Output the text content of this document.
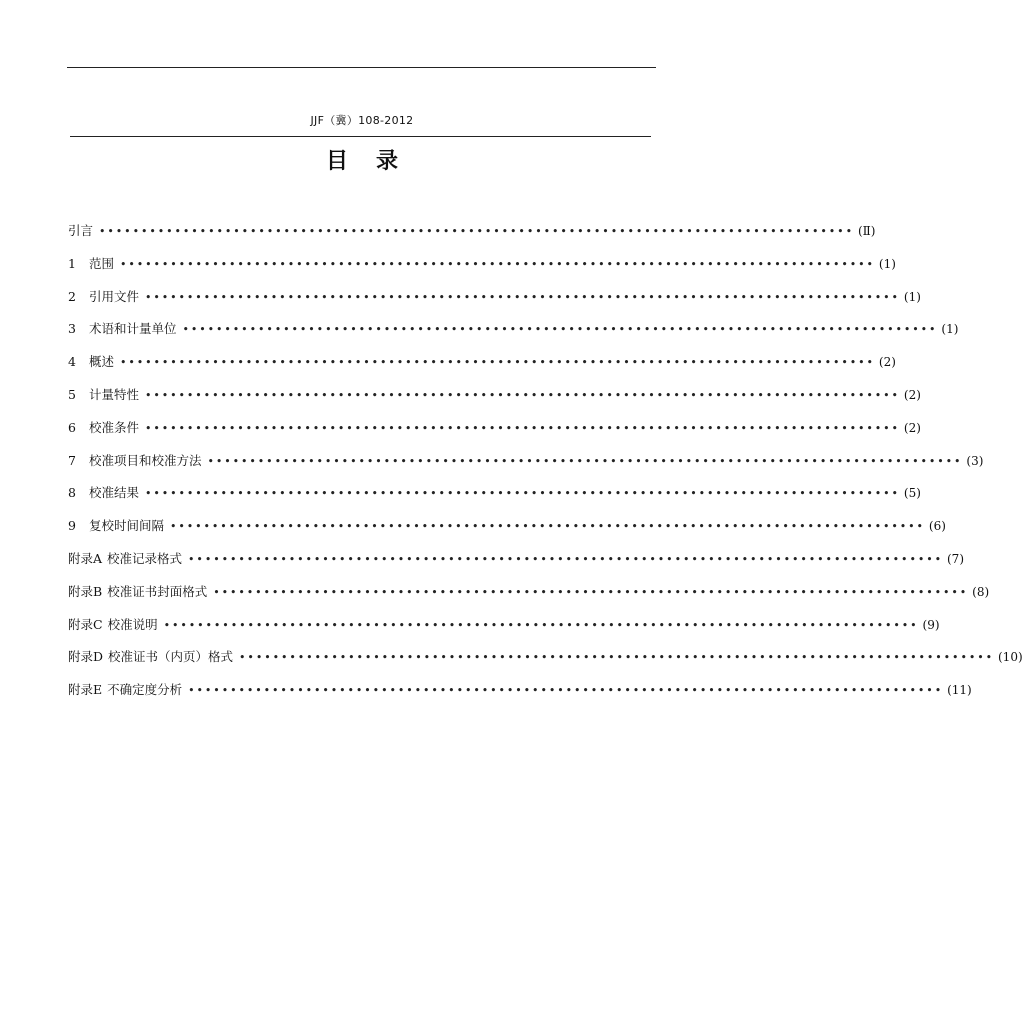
JJF（冀）108-2012
目录
引言 •••••••••••••••••••••••••••••••••••••••••••••••••••••••••••••••••••••••••••••••••••••••••• (Ⅱ)
1 范围 •••••••••••••••••••••••••••••••••••••••••••••••••••••••••••••••••••••••••••••••••••••••••• (1)
2 引用文件 •••••••••••••••••••••••••••••••••••••••••••••••••••••••••••••••••••••••••••••••••••••••••• (1)
3 术语和计量单位 •••••••••••••••••••••••••••••••••••••••••••••••••••••••••••••••••••••••••••••••••••••••••• (1)
4 概述 •••••••••••••••••••••••••••••••••••••••••••••••••••••••••••••••••••••••••••••••••••••••••• (2)
5 计量特性 •••••••••••••••••••••••••••••••••••••••••••••••••••••••••••••••••••••••••••••••••••••••••• (2)
6 校准条件 •••••••••••••••••••••••••••••••••••••••••••••••••••••••••••••••••••••••••••••••••••••••••• (2)
7 校准项目和校准方法 •••••••••••••••••••••••••••••••••••••••••••••••••••••••••••••••••••••••••••••••••••••••••• (3)
8 校准结果 •••••••••••••••••••••••••••••••••••••••••••••••••••••••••••••••••••••••••••••••••••••••••• (5)
9 复校时间间隔 •••••••••••••••••••••••••••••••••••••••••••••••••••••••••••••••••••••••••••••••••••••••••• (6)
附录A 校准记录格式 •••••••••••••••••••••••••••••••••••••••••••••••••••••••••••••••••••••••••••••••••••••••••• (7)
附录B 校准证书封面格式 •••••••••••••••••••••••••••••••••••••••••••••••••••••••••••••••••••••••••••••••••••••••••• (8)
附录C 校准说明 •••••••••••••••••••••••••••••••••••••••••••••••••••••••••••••••••••••••••••••••••••••••••• (9)
附录D 校准证书（内页）格式 •••••••••••••••••••••••••••••••••••••••••••••••••••••••••••••••••••••••••••••••••••••••••• (10)
附录E 不确定度分析 •••••••••••••••••••••••••••••••••••••••••••••••••••••••••••••••••••••••••••••••••••••••••• (11)
